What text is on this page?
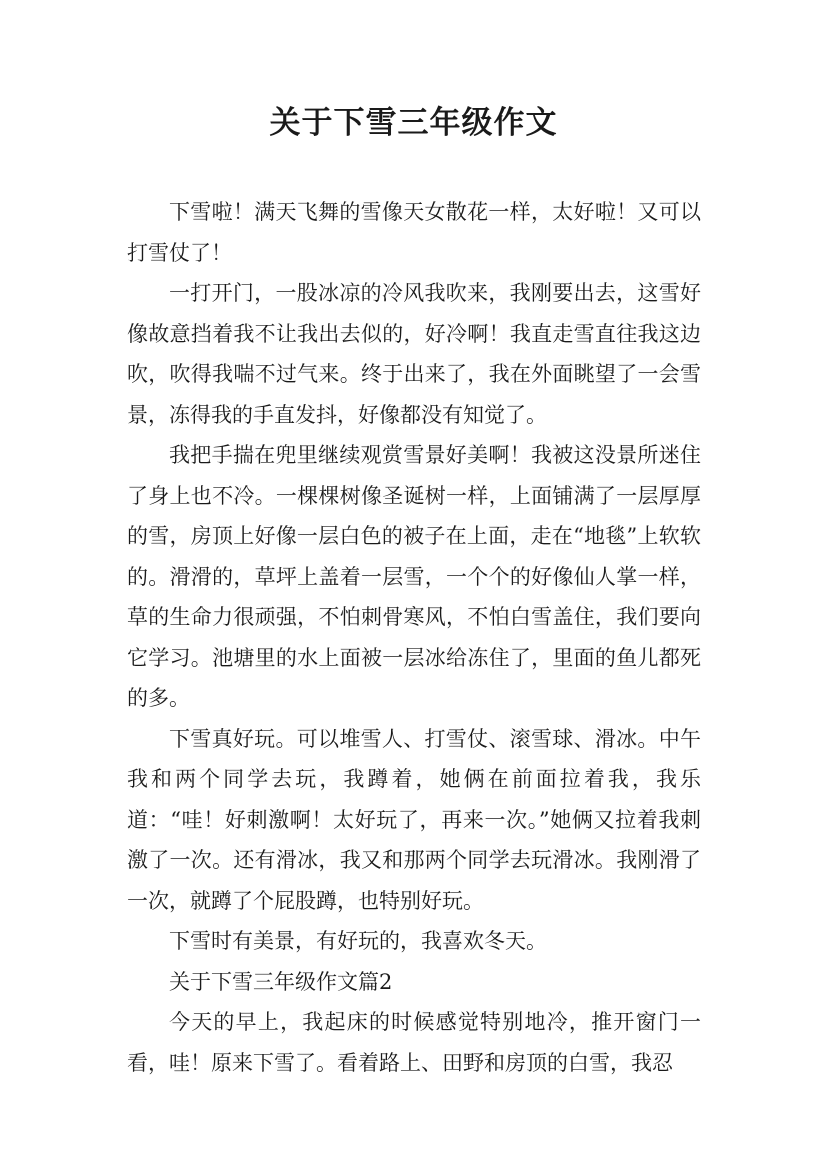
关于下雪三年级作文

下雪啦！满天飞舞的雪像天女散花一样，太好啦！又可以打雪仗了！

一打开门，一股冰凉的冷风我吹来，我刚要出去，这雪好像故意挡着我不让我出去似的，好冷啊！我直走雪直往我这边吹，吹得我喘不过气来。终于出来了，我在外面眺望了一会雪景，冻得我的手直发抖，好像都没有知觉了。

我把手揣在兜里继续观赏雪景好美啊！我被这没景所迷住了身上也不冷。一棵棵树像圣诞树一样，上面铺满了一层厚厚的雪，房顶上好像一层白色的被子在上面，走在“地毯”上软软的。滑滑的，草坪上盖着一层雪，一个个的好像仙人掌一样，草的生命力很顽强，不怕刺骨寒风，不怕白雪盖住，我们要向它学习。池塘里的水上面被一层冰给冻住了，里面的鱼儿都死的多。

下雪真好玩。可以堆雪人、打雪仗、滚雪球、滑冰。中午我和两个同学去玩，我蹲着，她俩在前面拉着我，我乐道：“哇！好刺激啊！太好玩了，再来一次。”她俩又拉着我刺激了一次。还有滑冰，我又和那两个同学去玩滑冰。我刚滑了一次，就蹲了个屁股蹲，也特别好玩。

下雪时有美景，有好玩的，我喜欢冬天。

关于下雪三年级作文篇2

今天的早上，我起床的时候感觉特别地冷，推开窗门一看，哇！原来下雪了。看着路上、田野和房顶的白雪，我忍
